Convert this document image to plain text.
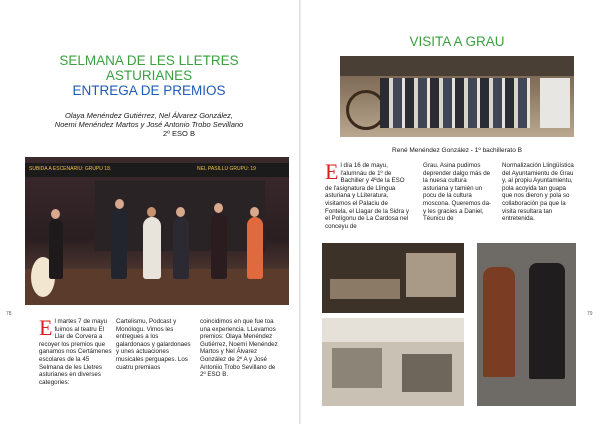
SELMANA DE LES LLETRES
ASTURIANES
ENTREGA DE PREMIOS
Olaya Menéndez Gutiérrez, Nel Álvarez González,
Noemi Menéndez Martos y José Antonio Trobo Sevillano
2º ESO B
SUBIDA A ESCENARIU: GRUPU 18.	NEL PASILLU GRUPU: 19
78
El martes 7 de mayu fuimos al teatru El Llar de Corvera a recoyer los premios que ganamos nos Certámenes escolares de la 45 Selmana de les Lletres asturianes en diverses categories:
Cartelismu, Podcast y Monólogu. Vimos les entregues a los galardonaos y galardonaes y unes actuaciones musicales perguapes. Los cuatru premiaos
coincidimos en que fue toa una experiencia. LLevamos premios: Olaya Menéndez Gutiérrez, Noemí Menéndez Martos y Nel Álvarez González de 2º A y José Antoniio Trobo Sevillano de 2º ESO B.
VISITA A GRAU
René Menéndez González - 1º bachillerato B
El día 16 de mayu, l'alumnáu de 1º de Bachiller y 4ºde la ESO de l'asignatura de Llingua asturiana y LLiteratura, visitamos el Palaciu de Fontela, el Llagar de la Sidra y el Polígonu de La Cardosa nel conceyu de
Grau. Asina pudimos deprender dalgo más de la nuesa cultura asturiana y tamién un pocu de la cultura moscona. Queremos da-y les gracies a Daniel, Téunicu de
Normalización Llingüística del Ayuntamientu de Grau y, al propiu Ayuntamientu, pola acoyida tan guapa que nos dieron y pola so collaboración pa que la visita resultara tan entretenida.
79
